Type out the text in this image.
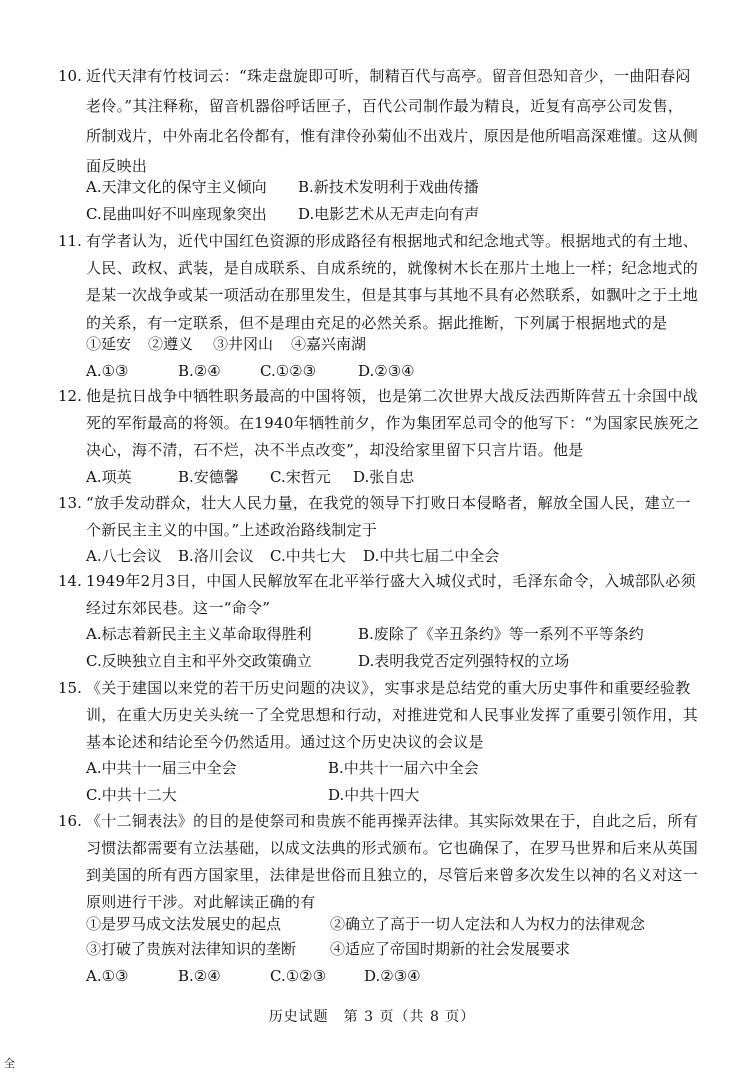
10. 近代天津有竹枝词云：“珠走盘旋即可听，制精百代与高亭。留音但恐知音少，一曲阳春闷
老伶。”其注释称，留音机器俗呼话匣子，百代公司制作最为精良，近复有高亭公司发售，
所制戏片，中外南北名伶都有，惟有津伶孙菊仙不出戏片，原因是他所唱高深难懂。这从侧
面反映出
A.天津文化的保守主义倾向 B.新技术发明利于戏曲传播
C.昆曲叫好不叫座现象突出 D.电影艺术从无声走向有声
11. 有学者认为，近代中国红色资源的形成路径有根据地式和纪念地式等。根据地式的有土地、
人民、政权、武装，是自成联系、自成系统的，就像树木长在那片土地上一样；纪念地式的
是某一次战争或某一项活动在那里发生，但是其事与其地不具有必然联系，如飘叶之于土地
的关系，有一定联系，但不是理由充足的必然关系。据此推断，下列属于根据地式的是
①延安 ②遵义 ③井冈山 ④嘉兴南湖
A.①③	B.②④	C.①②③	D.②③④
12. 他是抗日战争中牺牲职务最高的中国将领，也是第二次世界大战反法西斯阵营五十余国中战
死的军衔最高的将领。在1940年牺牲前夕，作为集团军总司令的他写下：“为国家民族死之
决心，海不清，石不烂，决不半点改变”，却没给家里留下只言片语。他是
A.项英	B.安德馨 C.宋哲元 D.张自忠
13. “放手发动群众，壮大人民力量，在我党的领导下打败日本侵略者，解放全国人民，建立一
个新民主主义的中国。”上述政治路线制定于
A.八七会议 B.洛川会议 C.中共七大 D.中共七届二中全会
14. 1949年2月3日，中国人民解放军在北平举行盛大入城仪式时，毛泽东命令，入城部队必须
经过东郊民巷。这一“命令”
A.标志着新民主主义革命取得胜利	B.废除了《辛丑条约》等一系列不平等条约
C.反映独立自主和平外交政策确立	D.表明我党否定列强特权的立场
15. 《关于建国以来党的若干历史问题的决议》，实事求是总结党的重大历史事件和重要经验教
训，在重大历史关头统一了全党思想和行动，对推进党和人民事业发挥了重要引领作用，其
基本论述和结论至今仍然适用。通过这个历史决议的会议是
A.中共十一届三中全会	B.中共十一届六中全会
C.中共十二大	D.中共十四大
16. 《十二铜表法》的目的是使祭司和贵族不能再操弄法律。其实际效果在于，自此之后，所有
习惯法都需要有立法基础，以成文法典的形式颁布。它也确保了，在罗马世界和后来从英国
到美国的所有西方国家里，法律是世俗而且独立的，尽管后来曾多次发生以神的名义对这一
原则进行干涉。对此解读正确的有
①是罗马成文法发展史的起点	②确立了高于一切人定法和人为权力的法律观念
③打破了贵族对法律知识的垄断 ④适应了帝国时期新的社会发展要求
A.①③	B.②④	C.①②③	D.②③④
历史试题　第 3 页（共 8 页）
全
